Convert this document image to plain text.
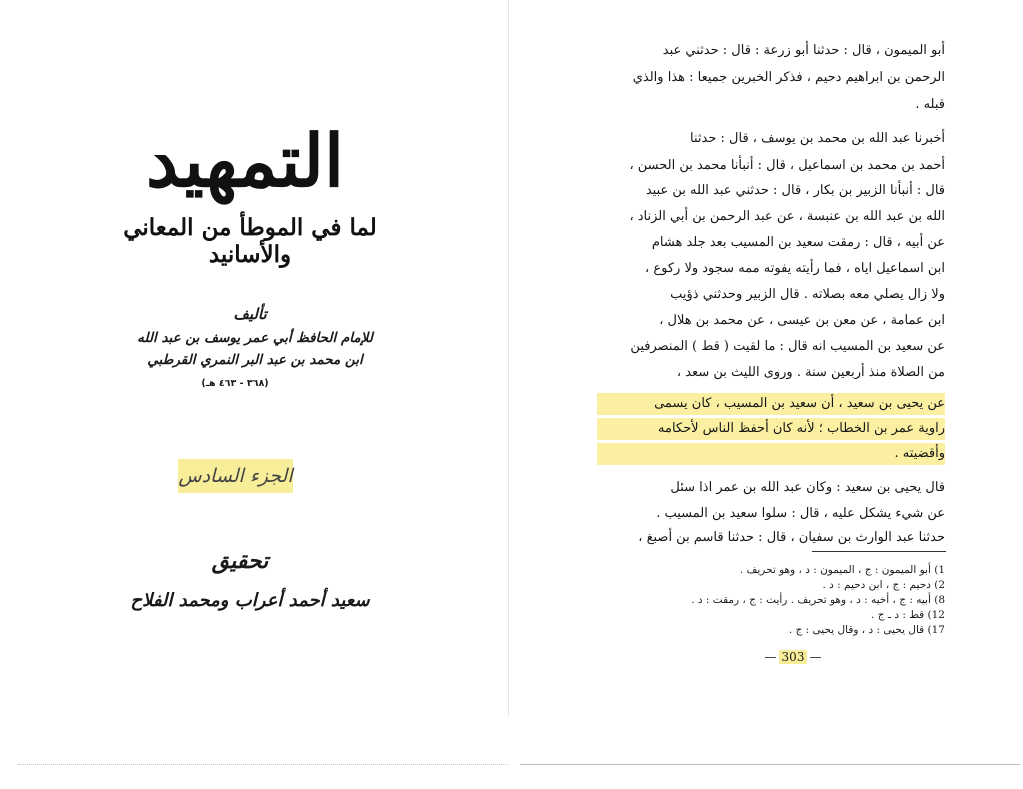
التمهيد
لما في الموطأ من المعاني والأسانيد
تأليف
للإمام الحافظ أبي عمر يوسف بن عبد الله
ابن محمد بن عبد البر النمري القرطبي
(٣٦٨ - ٤٦٣ هـ)
الجزء السادس
تحقيق
سعيد أحمد أعراب ومحمد الفلاح
أبو الميمون ، قال : حدثنا أبو زرعة : قال : حدثني عبد
الرحمن بن ابراهيم دحيم ، فذكر الخبرين جميعا : هذا والذي
قبله .
أخبرنا عبد الله بن محمد بن يوسف ، قال : حدثنا
أحمد بن محمد بن اسماعيل ، قال : أنبأنا محمد بن الحسن ،
قال : أنبأنا الزبير بن بكار ، قال : حدثني عبد الله بن عبيد
الله بن عبد الله بن عنبسة ، عن عبد الرحمن بن أبي الزناد ،
عن أبيه ، قال : رمقت سعيد بن المسيب بعد جلد هشام
ابن اسماعيل اياه ، فما رأيته يفوته ممه سجود ولا ركوع ،
ولا زال يصلي معه بصلاته . قال الزبير وحدثني ذؤيب
ابن عمامة ، عن معن بن عيسى ، عن محمد بن هلال ،
عن سعيد بن المسيب انه قال : ما لقيت ( قط ) المنصرفين
من الصلاة منذ أربعين سنة . وروى الليث بن سعد ،
عن يحيى بن سعيد ، أن سعيد بن المسيب ، كان يسمى
راوية عمر بن الخطاب ؛ لأنه كان أحفظ الناس لأحكامه
وأقضيته .
قال يحيى بن سعيد : وكان عبد الله بن عمر اذا سئل
عن شيء يشكل عليه ، قال : سلوا سعيد بن المسيب .
حدثنا عبد الوارث بن سفيان ، قال : حدثنا قاسم بن أصبغ ،
1) أبو الميمون : ج ، الميمون : د ، وهو تحريف .
2) دحيم : ج ، ابن دحيم : د .
8) أبيه : ج ، أخيه : د ، وهو تحريف . رأيت : ج ، رمقت : د .
12) قط : د ـ ج .
17) قال يحيى : د ، وقال يحيى : ج .
— 303 —
